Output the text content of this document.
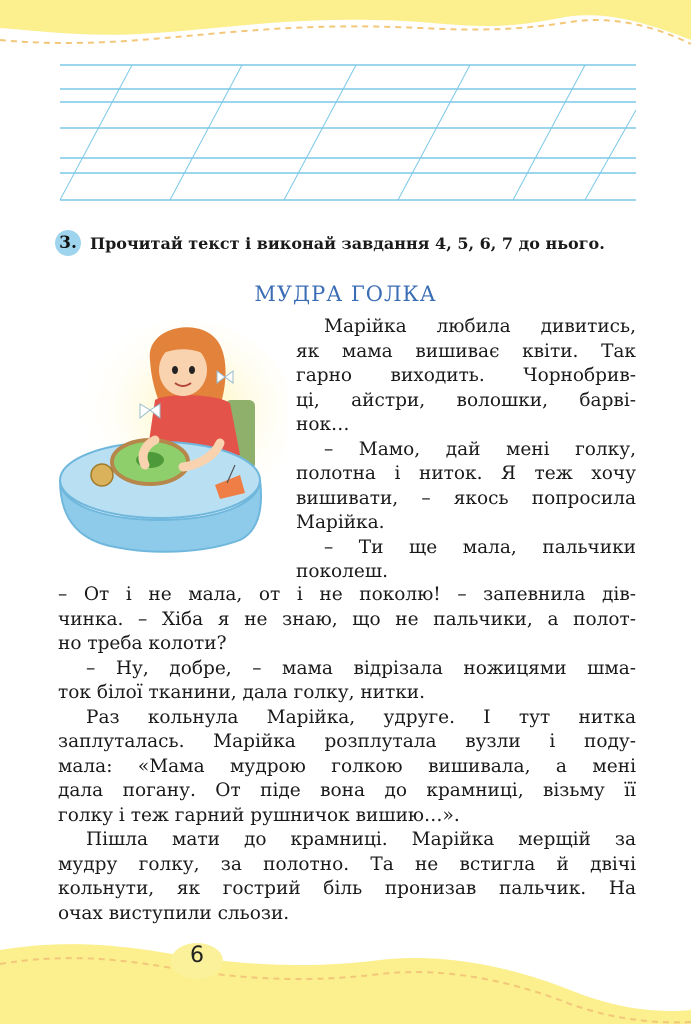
3. Прочитай текст і виконай завдання 4, 5, 6, 7 до нього.
МУДРА ГОЛКА
Марійка любила дивитись,
як мама вишиває квіти. Так
гарно виходить. Чорнобрив-
ці, айстри, волошки, барві-
нок…
– Мамо, дай мені голку,
полотна і ниток. Я теж хочу
вишивати, – якось попросила
Марійка.
– Ти ще мала, пальчики
поколеш.
– От і не мала, от і не поколю! – запевнила дів-
чинка. – Хіба я не знаю, що не пальчики, а полот-
но треба колоти?
– Ну, добре, – мама відрізала ножицями шма-
ток білої тканини, дала голку, нитки.
Раз кольнула Марійка, удруге. І тут нитка
заплуталась. Марійка розплутала вузли і поду-
мала: «Мама мудрою голкою вишивала, а мені
дала погану. От піде вона до крамниці, візьму її
голку і теж гарний рушничок вишию…».
Пішла мати до крамниці. Марійка мерщій за
мудру голку, за полотно. Та не встигла й двічі
кольнути, як гострий біль пронизав пальчик. На
очах виступили сльози.
6
